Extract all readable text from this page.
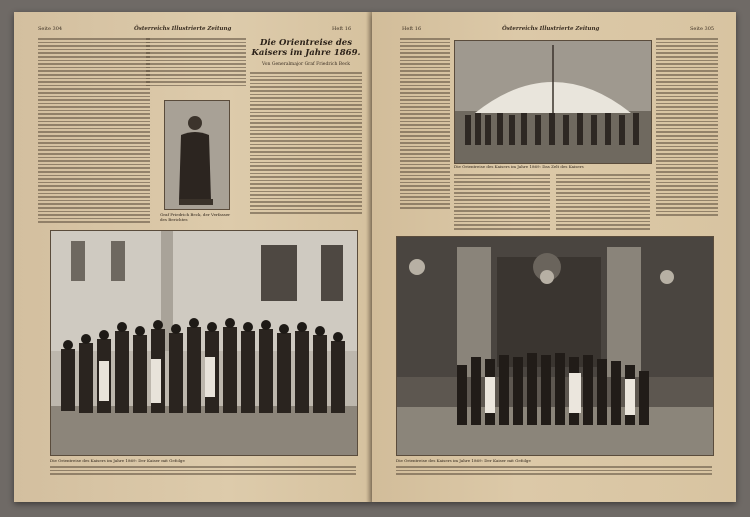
Seite 304	Österreichs Illustrierte Zeitung	Heft 16
Graf Friedrich Beck, der Verfasser des Berichtes
Die Orientreise des Kaisers im Jahre 1869.
Von Generalmajor Graf Friedrich Beck
Die Orientreise des Kaisers im Jahre 1869: Der Kaiser mit Gefolge
Heft 16	Österreichs Illustrierte Zeitung	Seite 305
Die Orientreise des Kaisers im Jahre 1869: Das Zelt des Kaisers
Die Orientreise des Kaisers im Jahre 1869: Der Kaiser mit Gefolge
